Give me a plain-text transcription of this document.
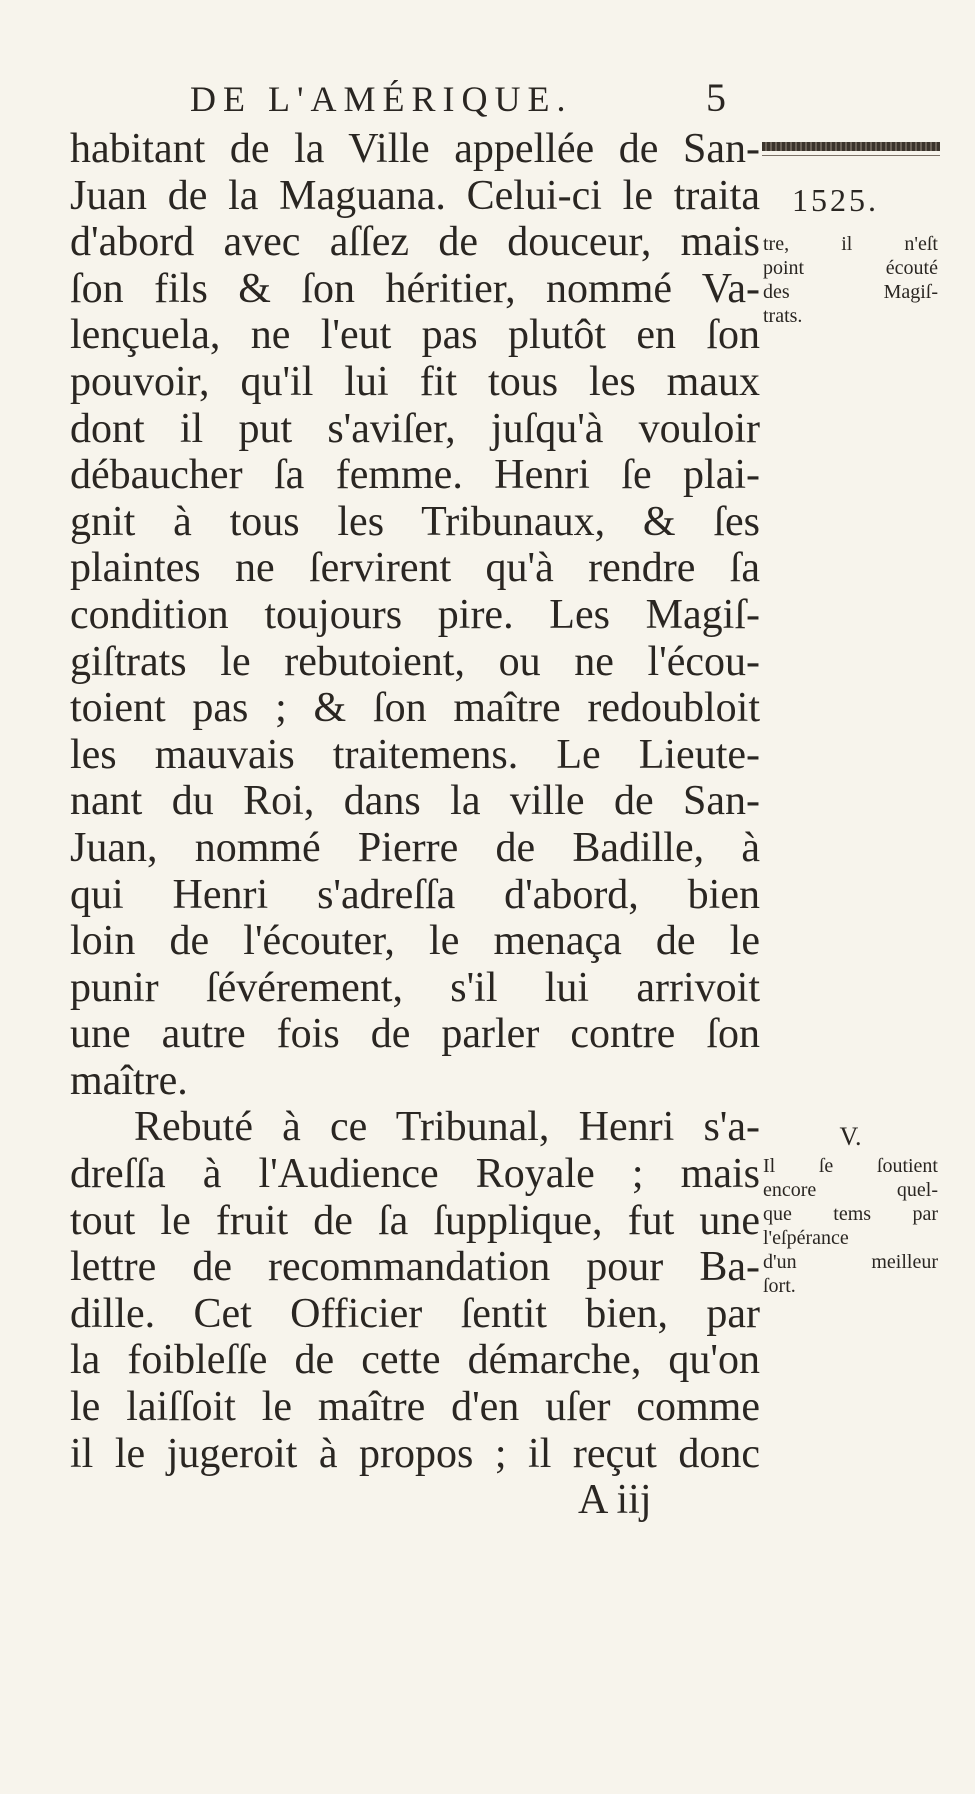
DE L'AMÉRIQUE.	5
1525.
tre, il n'eſt
point écouté
des Magiſ-
trats.
V.
Il ſe ſoutient
encore quel-
que tems par
l'eſpérance
d'un meilleur
ſort.
habitant de la Ville appellée de San-
Juan de la Maguana. Celui-ci le traita
d'abord avec aſſez de douceur, mais
ſon fils & ſon héritier, nommé Va-
lençuela, ne l'eut pas plutôt en ſon
pouvoir, qu'il lui fit tous les maux
dont il put s'aviſer, juſqu'à vouloir
débaucher ſa femme. Henri ſe plai-
gnit à tous les Tribunaux, & ſes
plaintes ne ſervirent qu'à rendre ſa
condition toujours pire. Les Magiſ-
giſtrats le rebutoient, ou ne l'écou-
toient pas ; & ſon maître redoubloit
les mauvais traitemens. Le Lieute-
nant du Roi, dans la ville de San-
Juan, nommé Pierre de Badille, à
qui Henri s'adreſſa d'abord, bien
loin de l'écouter, le menaça de le
punir ſévérement, s'il lui arrivoit
une autre fois de parler contre ſon
maître.
Rebuté à ce Tribunal, Henri s'a-
dreſſa à l'Audience Royale ; mais
tout le fruit de ſa ſupplique, fut une
lettre de recommandation pour Ba-
dille. Cet Officier ſentit bien, par
la foibleſſe de cette démarche, qu'on
le laiſſoit le maître d'en uſer comme
il le jugeroit à propos ; il reçut donc
A iij
